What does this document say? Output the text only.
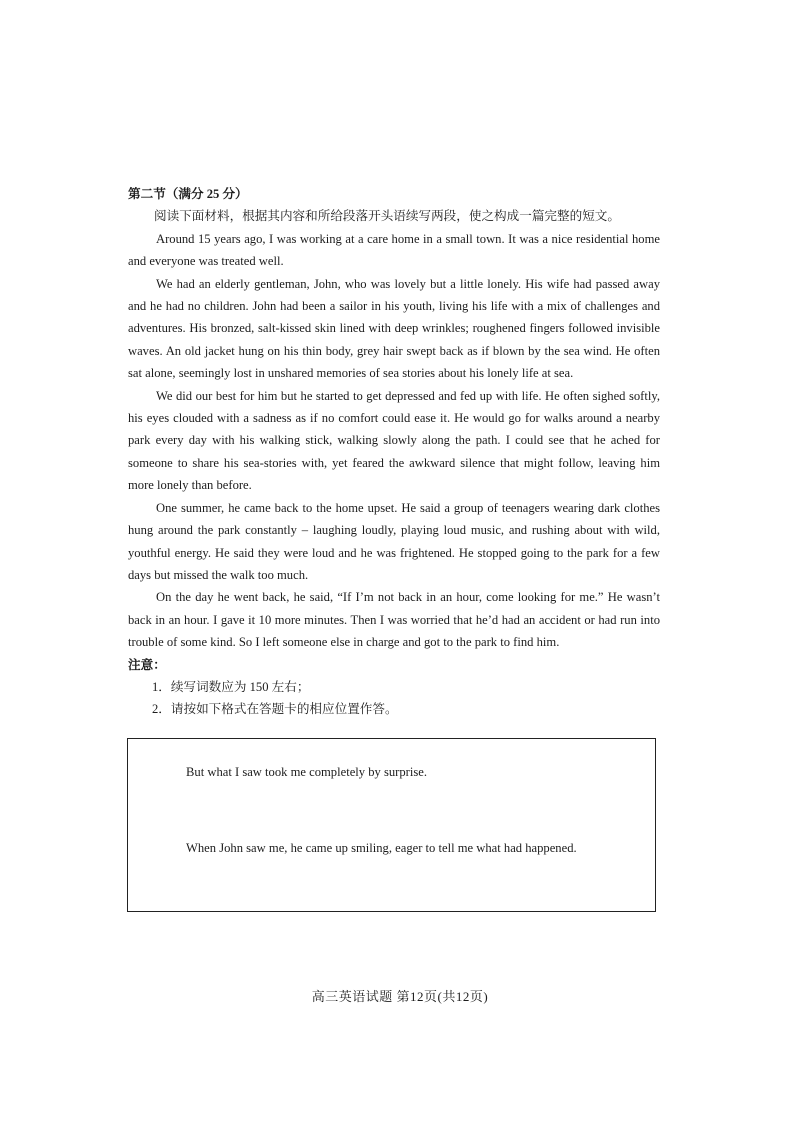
第二节（满分 25 分）

阅读下面材料，根据其内容和所给段落开头语续写两段，使之构成一篇完整的短文。

Around 15 years ago, I was working at a care home in a small town. It was a nice residential home and everyone was treated well.

We had an elderly gentleman, John, who was lovely but a little lonely. His wife had passed away and he had no children. John had been a sailor in his youth, living his life with a mix of challenges and adventures. His bronzed, salt-kissed skin lined with deep wrinkles; roughened fingers followed invisible waves. An old jacket hung on his thin body, grey hair swept back as if blown by the sea wind. He often sat alone, seemingly lost in unshared memories of sea stories about his lonely life at sea.

We did our best for him but he started to get depressed and fed up with life. He often sighed softly, his eyes clouded with a sadness as if no comfort could ease it. He would go for walks around a nearby park every day with his walking stick, walking slowly along the path. I could see that he ached for someone to share his sea-stories with, yet feared the awkward silence that might follow, leaving him more lonely than before.

One summer, he came back to the home upset. He said a group of teenagers wearing dark clothes hung around the park constantly – laughing loudly, playing loud music, and rushing about with wild, youthful energy. He said they were loud and he was frightened. He stopped going to the park for a few days but missed the walk too much.

On the day he went back, he said, “If I’m not back in an hour, come looking for me.” He wasn’t back in an hour. I gave it 10 more minutes. Then I was worried that he’d had an accident or had run into trouble of some kind. So I left someone else in charge and got to the park to find him.

注意：

1．续写词数应为 150 左右；

2．请按如下格式在答题卡的相应位置作答。

But what I saw took me completely by surprise.
When John saw me, he came up smiling, eager to tell me what had happened.
高三英语试题 第12页(共12页)
